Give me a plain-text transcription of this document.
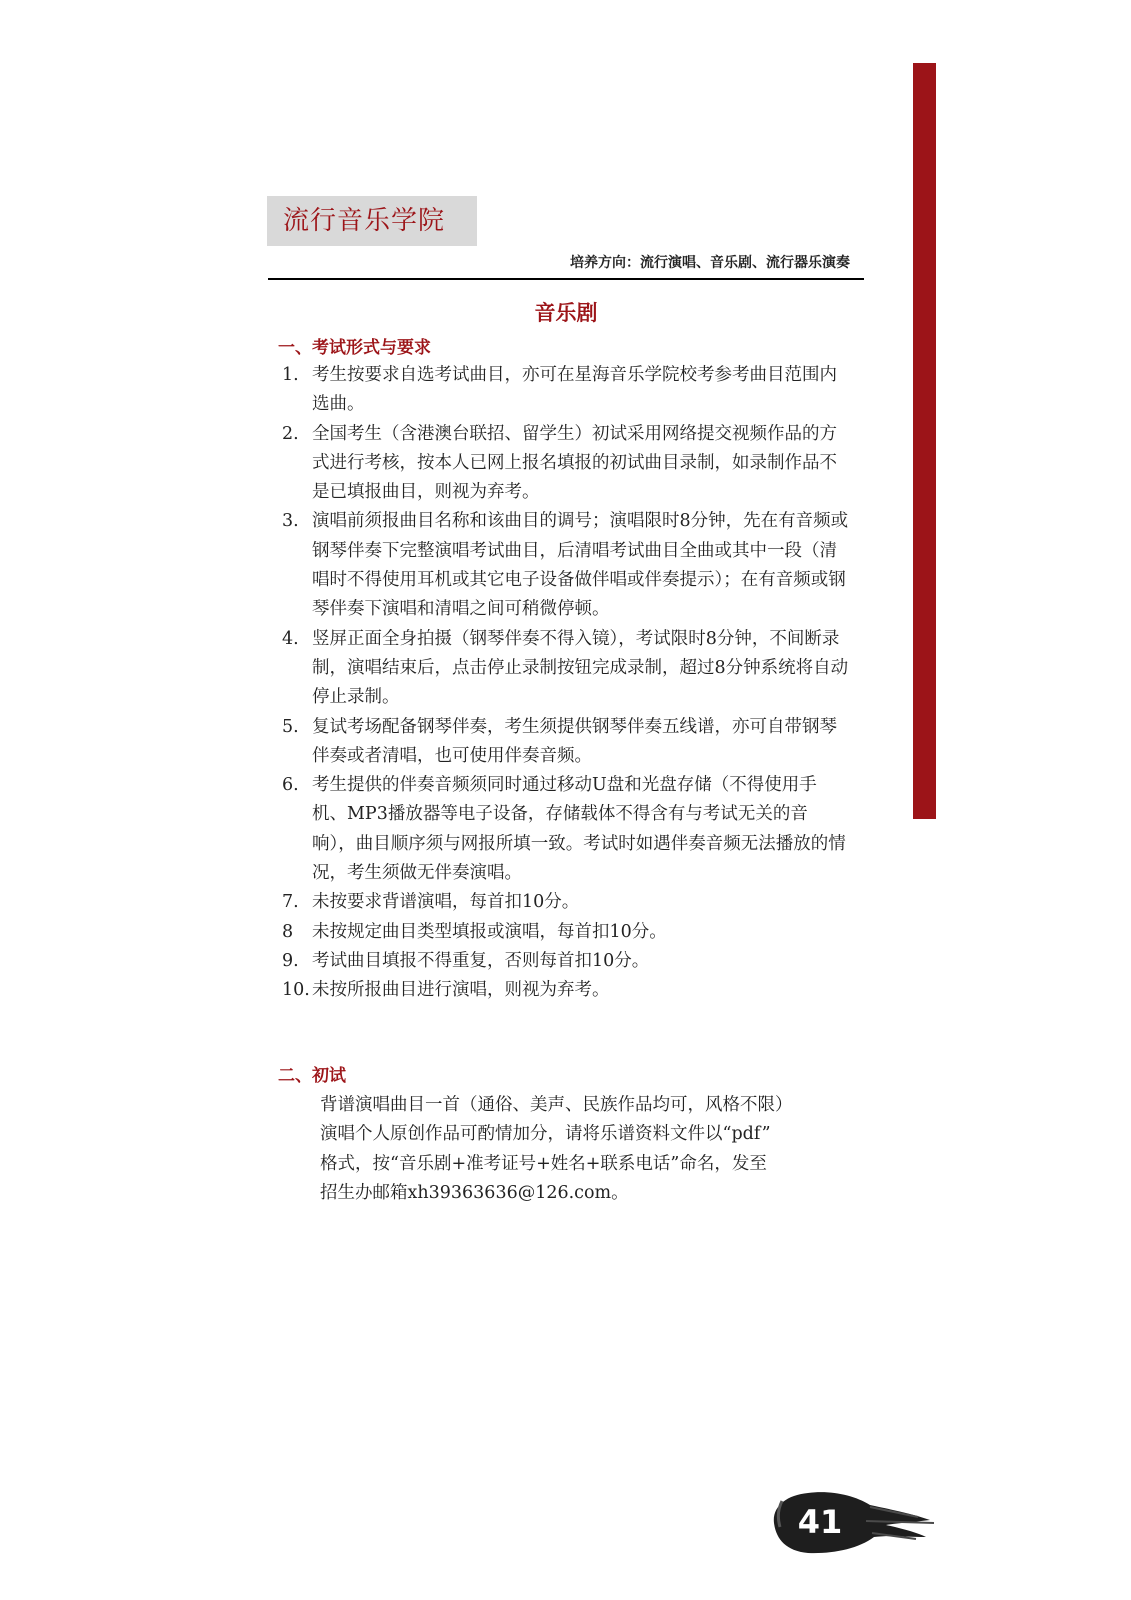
流行音乐学院
培养方向：流行演唱、音乐剧、流行器乐演奏
音乐剧
一、考试形式与要求
1. 考生按要求自选考试曲目，亦可在星海音乐学院校考参考曲目范围内选曲。
2. 全国考生（含港澳台联招、留学生）初试采用网络提交视频作品的方式进行考核，按本人已网上报名填报的初试曲目录制，如录制作品不是已填报曲目，则视为弃考。
3. 演唱前须报曲目名称和该曲目的调号；演唱限时8分钟，先在有音频或钢琴伴奏下完整演唱考试曲目，后清唱考试曲目全曲或其中一段（清唱时不得使用耳机或其它电子设备做伴唱或伴奏提示）；在有音频或钢琴伴奏下演唱和清唱之间可稍微停顿。
4. 竖屏正面全身拍摄（钢琴伴奏不得入镜），考试限时8分钟，不间断录制，演唱结束后，点击停止录制按钮完成录制，超过8分钟系统将自动停止录制。
5. 复试考场配备钢琴伴奏，考生须提供钢琴伴奏五线谱，亦可自带钢琴伴奏或者清唱，也可使用伴奏音频。
6. 考生提供的伴奏音频须同时通过移动U盘和光盘存储（不得使用手机、MP3播放器等电子设备，存储载体不得含有与考试无关的音响），曲目顺序须与网报所填一致。考试时如遇伴奏音频无法播放的情况，考生须做无伴奏演唱。
7. 未按要求背谱演唱，每首扣10分。
8	未按规定曲目类型填报或演唱，每首扣10分。
9. 考试曲目填报不得重复，否则每首扣10分。
10. 未按所报曲目进行演唱，则视为弃考。
二、初试
背谱演唱曲目一首（通俗、美声、民族作品均可，风格不限）
演唱个人原创作品可酌情加分，请将乐谱资料文件以“pdf”
格式，按“音乐剧+准考证号+姓名+联系电话”命名，发至
招生办邮箱xh39363636@126.com。
41
